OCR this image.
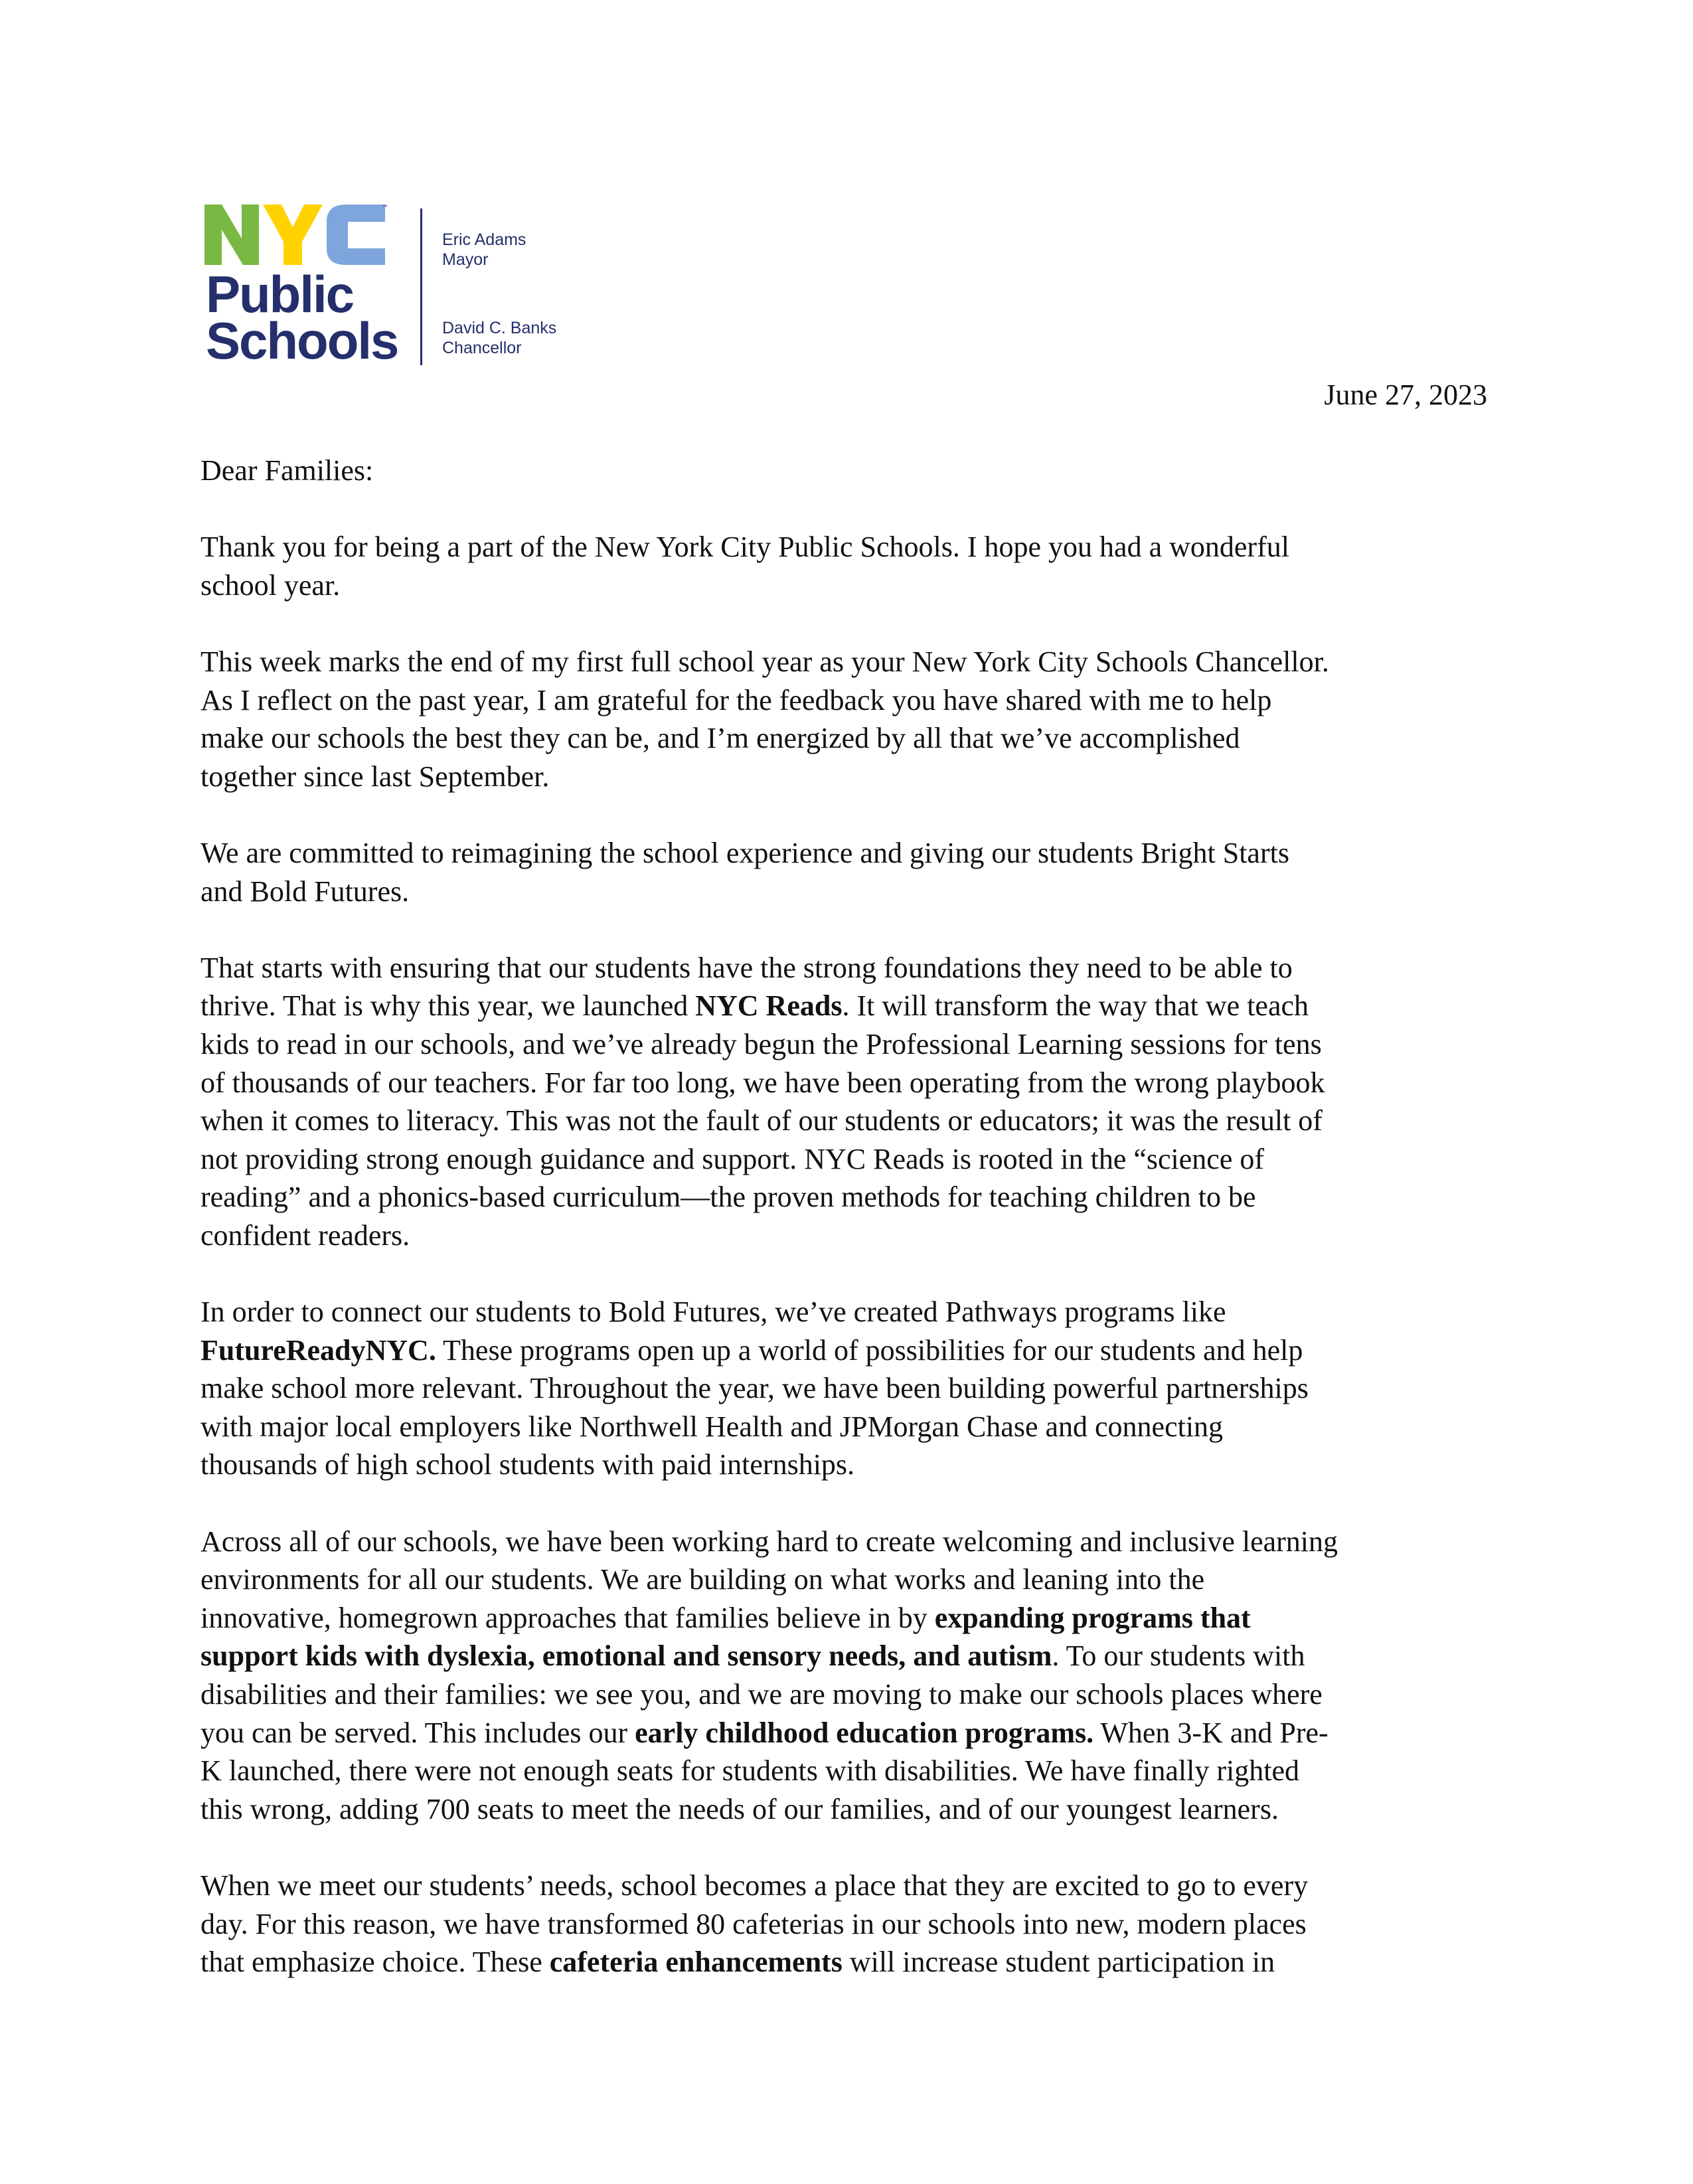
™
Public
Schools
Eric Adams
Mayor
David C. Banks
Chancellor
June 27, 2023

Dear Families:

Thank you for being a part of the New York City Public Schools. I hope you had a wonderful
school year.

This week marks the end of my first full school year as your New York City Schools Chancellor.
As I reflect on the past year, I am grateful for the feedback you have shared with me to help
make our schools the best they can be, and I’m energized by all that we’ve accomplished
together since last September.

We are committed to reimagining the school experience and giving our students Bright Starts
and Bold Futures.

That starts with ensuring that our students have the strong foundations they need to be able to
thrive. That is why this year, we launched NYC Reads. It will transform the way that we teach
kids to read in our schools, and we’ve already begun the Professional Learning sessions for tens
of thousands of our teachers. For far too long, we have been operating from the wrong playbook
when it comes to literacy. This was not the fault of our students or educators; it was the result of
not providing strong enough guidance and support. NYC Reads is rooted in the “science of
reading” and a phonics-based curriculum—the proven methods for teaching children to be
confident readers.

In order to connect our students to Bold Futures, we’ve created Pathways programs like
FutureReadyNYC. These programs open up a world of possibilities for our students and help
make school more relevant. Throughout the year, we have been building powerful partnerships
with major local employers like Northwell Health and JPMorgan Chase and connecting
thousands of high school students with paid internships.

Across all of our schools, we have been working hard to create welcoming and inclusive learning
environments for all our students. We are building on what works and leaning into the
innovative, homegrown approaches that families believe in by expanding programs that
support kids with dyslexia, emotional and sensory needs, and autism. To our students with
disabilities and their families: we see you, and we are moving to make our schools places where
you can be served. This includes our early childhood education programs. When 3-K and Pre-
K launched, there were not enough seats for students with disabilities. We have finally righted
this wrong, adding 700 seats to meet the needs of our families, and of our youngest learners.

When we meet our students’ needs, school becomes a place that they are excited to go to every
day. For this reason, we have transformed 80 cafeterias in our schools into new, modern places
that emphasize choice. These cafeteria enhancements will increase student participation in
